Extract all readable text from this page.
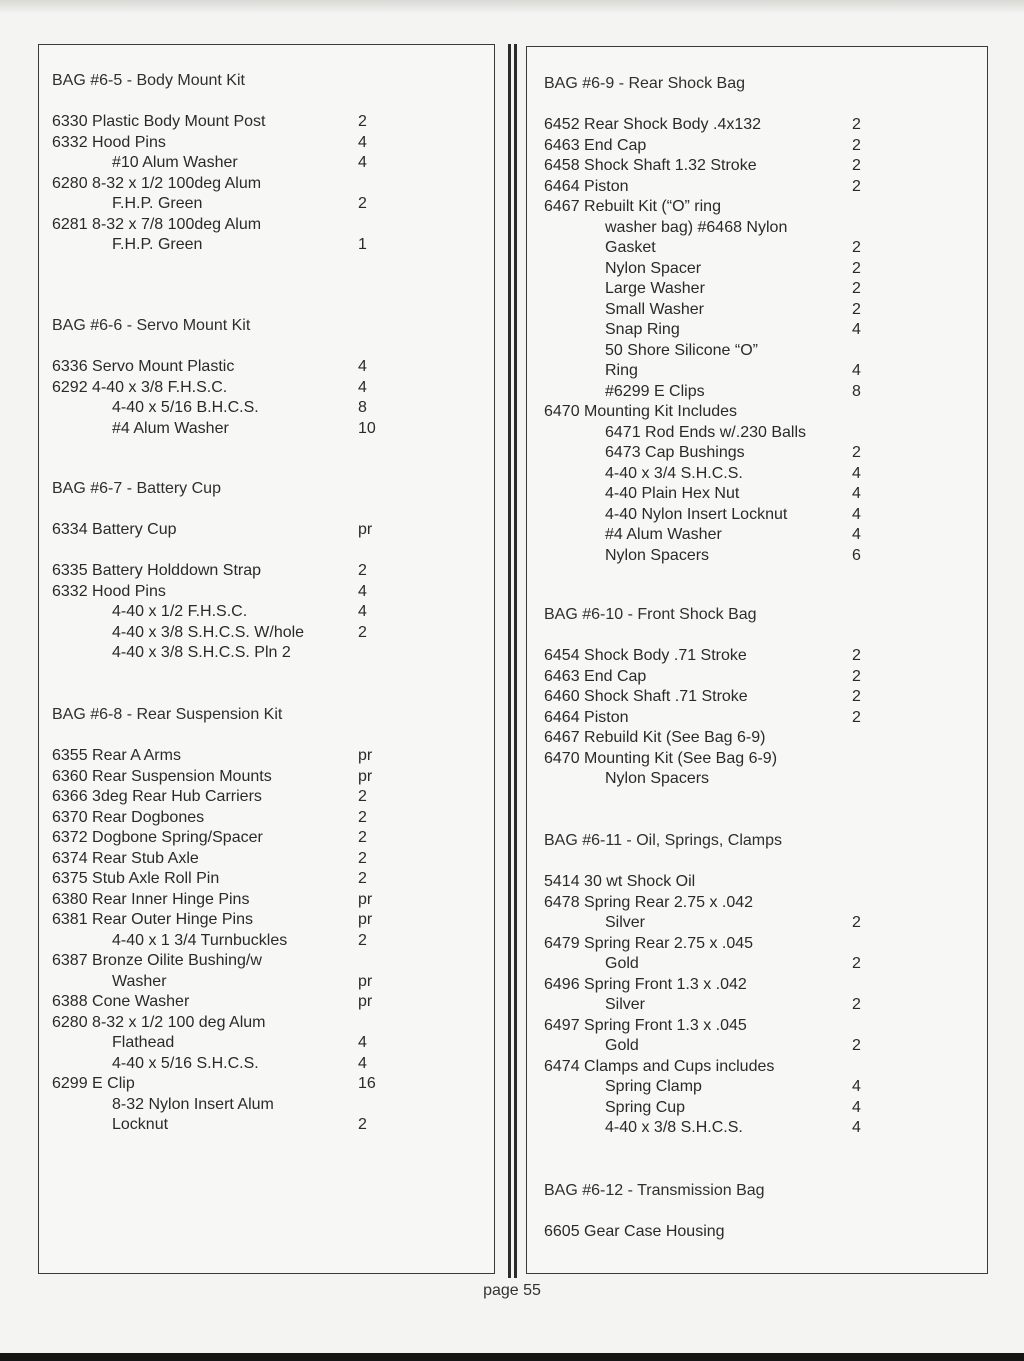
BAG #6-5 - Body Mount Kit
6330 Plastic Body Mount Post	2
6332 Hood Pins	4
#10 Alum Washer	4
6280 8-32 x 1/2 100deg Alum
F.H.P. Green	2
6281 8-32 x 7/8 100deg Alum
F.H.P. Green	1
BAG #6-6 - Servo Mount Kit
6336 Servo Mount Plastic	4
6292 4-40 x 3/8 F.H.S.C.	4
4-40 x 5/16 B.H.C.S.	8
#4 Alum Washer	10
BAG #6-7 - Battery Cup
6334 Battery Cup	pr
6335 Battery Holddown Strap	2
6332 Hood Pins	4
4-40 x 1/2 F.H.S.C.	4
4-40 x 3/8 S.H.C.S. W/hole	2
4-40 x 3/8 S.H.C.S. Pln 2
BAG #6-8 - Rear Suspension Kit
6355 Rear A Arms	pr
6360 Rear Suspension Mounts	pr
6366 3deg Rear Hub Carriers	2
6370 Rear Dogbones	2
6372 Dogbone Spring/Spacer	2
6374 Rear Stub Axle	2
6375 Stub Axle Roll Pin	2
6380 Rear Inner Hinge Pins	pr
6381 Rear Outer Hinge Pins	pr
4-40 x 1 3/4 Turnbuckles	2
6387 Bronze Oilite Bushing/w
Washer	pr
6388 Cone Washer	pr
6280 8-32 x 1/2 100 deg Alum
Flathead	4
4-40 x 5/16 S.H.C.S.	4
6299 E Clip	16
8-32 Nylon Insert Alum
Locknut	2
BAG #6-9 - Rear Shock Bag
6452 Rear Shock Body .4x132	2
6463 End Cap	2
6458 Shock Shaft 1.32 Stroke	2
6464 Piston	2
6467 Rebuilt Kit (“O” ring
washer bag) #6468 Nylon
Gasket	2
Nylon Spacer	2
Large Washer	2
Small Washer	2
Snap Ring	4
50 Shore Silicone “O”
Ring	4
#6299 E Clips	8
6470 Mounting Kit Includes
6471 Rod Ends w/.230 Balls
6473 Cap Bushings	2
4-40 x 3/4 S.H.C.S.	4
4-40 Plain Hex Nut	4
4-40 Nylon Insert Locknut	4
#4 Alum Washer	4
Nylon Spacers	6
BAG #6-10 - Front Shock Bag
6454 Shock Body .71 Stroke	2
6463 End Cap	2
6460 Shock Shaft .71 Stroke	2
6464 Piston	2
6467 Rebuild Kit (See Bag 6-9)
6470 Mounting Kit (See Bag 6-9)
Nylon Spacers
BAG #6-11 - Oil, Springs, Clamps
5414 30 wt Shock Oil
6478 Spring Rear 2.75 x .042
Silver	2
6479 Spring Rear 2.75 x .045
Gold	2
6496 Spring Front 1.3 x .042
Silver	2
6497 Spring Front 1.3 x .045
Gold	2
6474 Clamps and Cups includes
Spring Clamp	4
Spring Cup	4
4-40 x 3/8 S.H.C.S.	4
BAG #6-12 - Transmission Bag
6605 Gear Case Housing
page 55
